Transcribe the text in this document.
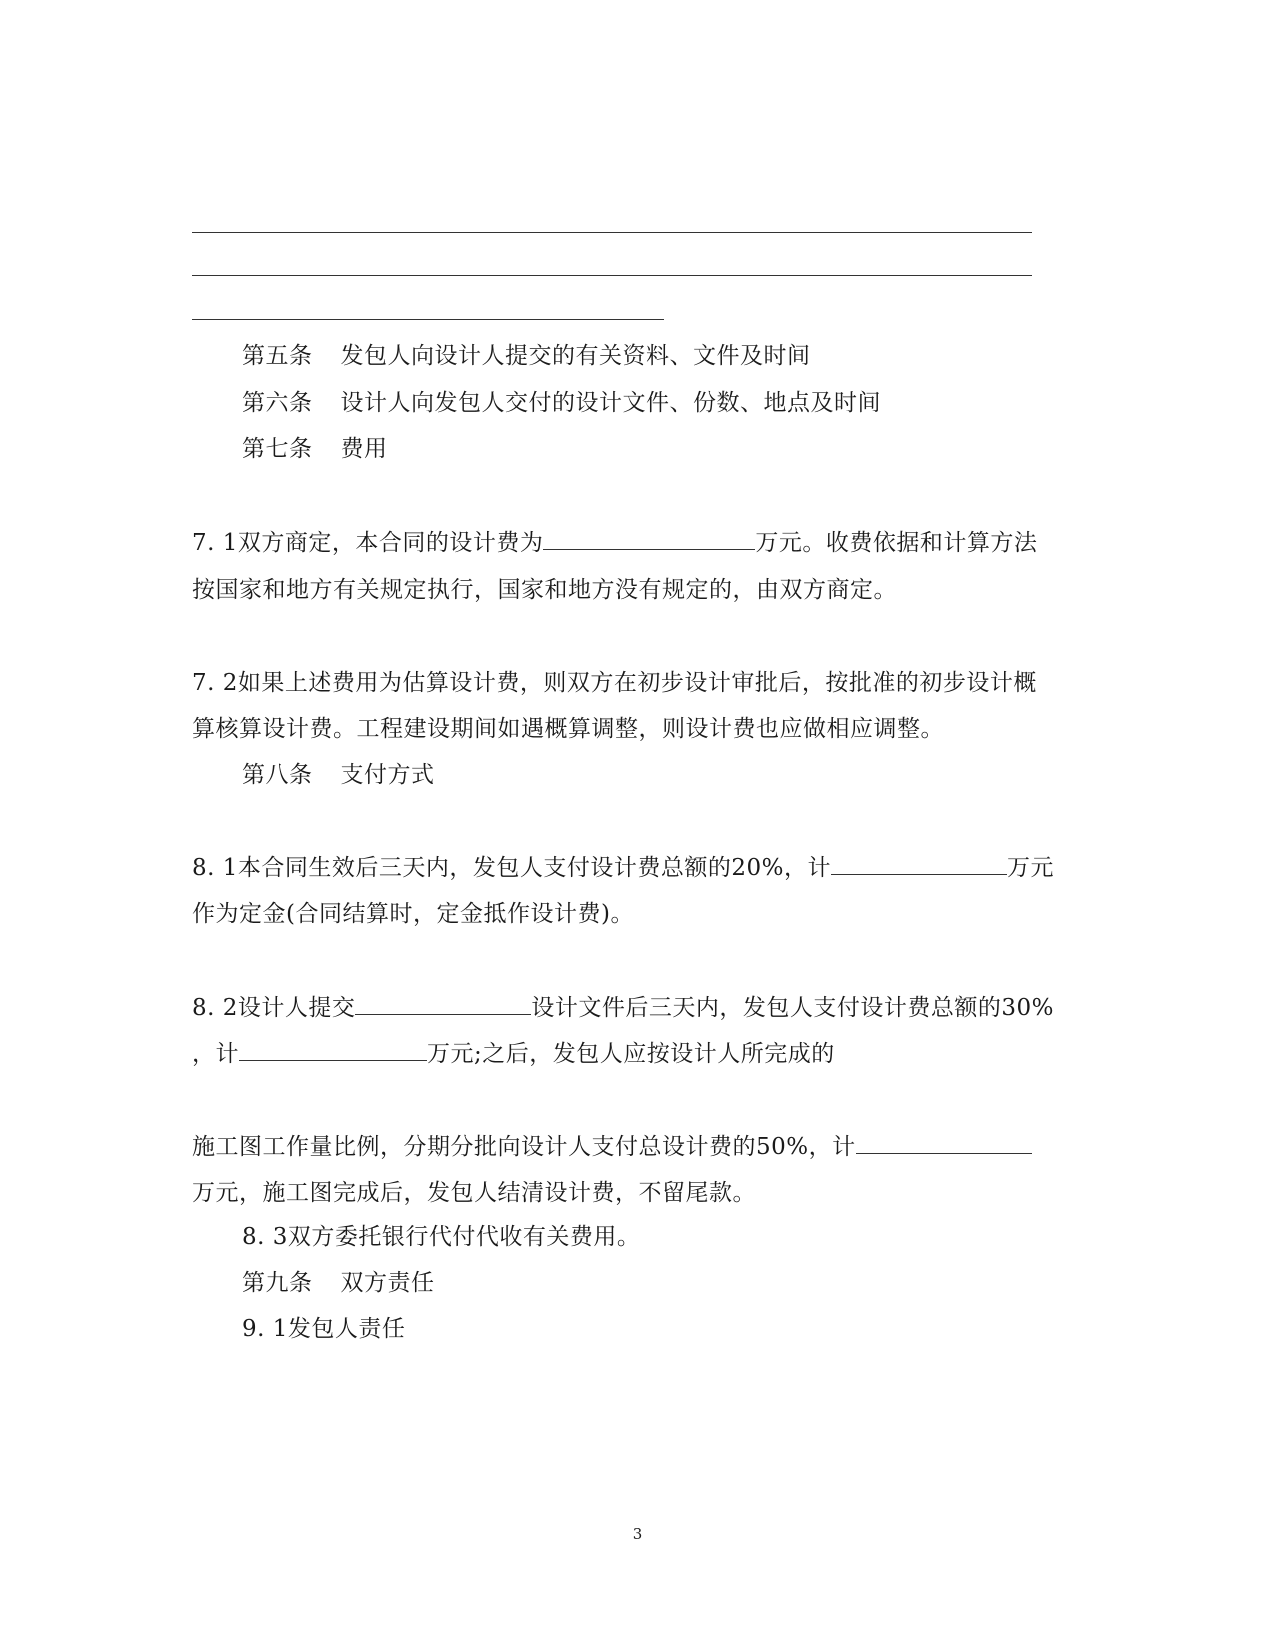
第五条 发包人向设计人提交的有关资料、文件及时间
第六条 设计人向发包人交付的设计文件、份数、地点及时间
第七条 费用
7. 1双方商定，本合同的设计费为	万元。收费依据和计算方法
按国家和地方有关规定执行，国家和地方没有规定的，由双方商定。
7. 2如果上述费用为估算设计费，则双方在初步设计审批后，按批准的初步设计概
算核算设计费。工程建设期间如遇概算调整，则设计费也应做相应调整。
第八条 支付方式
8. 1本合同生效后三天内，发包人支付设计费总额的20%，计	万元
作为定金(合同结算时，定金抵作设计费)。
8. 2设计人提交	设计文件后三天内，发包人支付设计费总额的30%
，计	万元;之后，发包人应按设计人所完成的
施工图工作量比例，分期分批向设计人支付总设计费的50%，计
万元，施工图完成后，发包人结清设计费，不留尾款。
8. 3双方委托银行代付代收有关费用。
第九条 双方责任
9. 1发包人责任
3
